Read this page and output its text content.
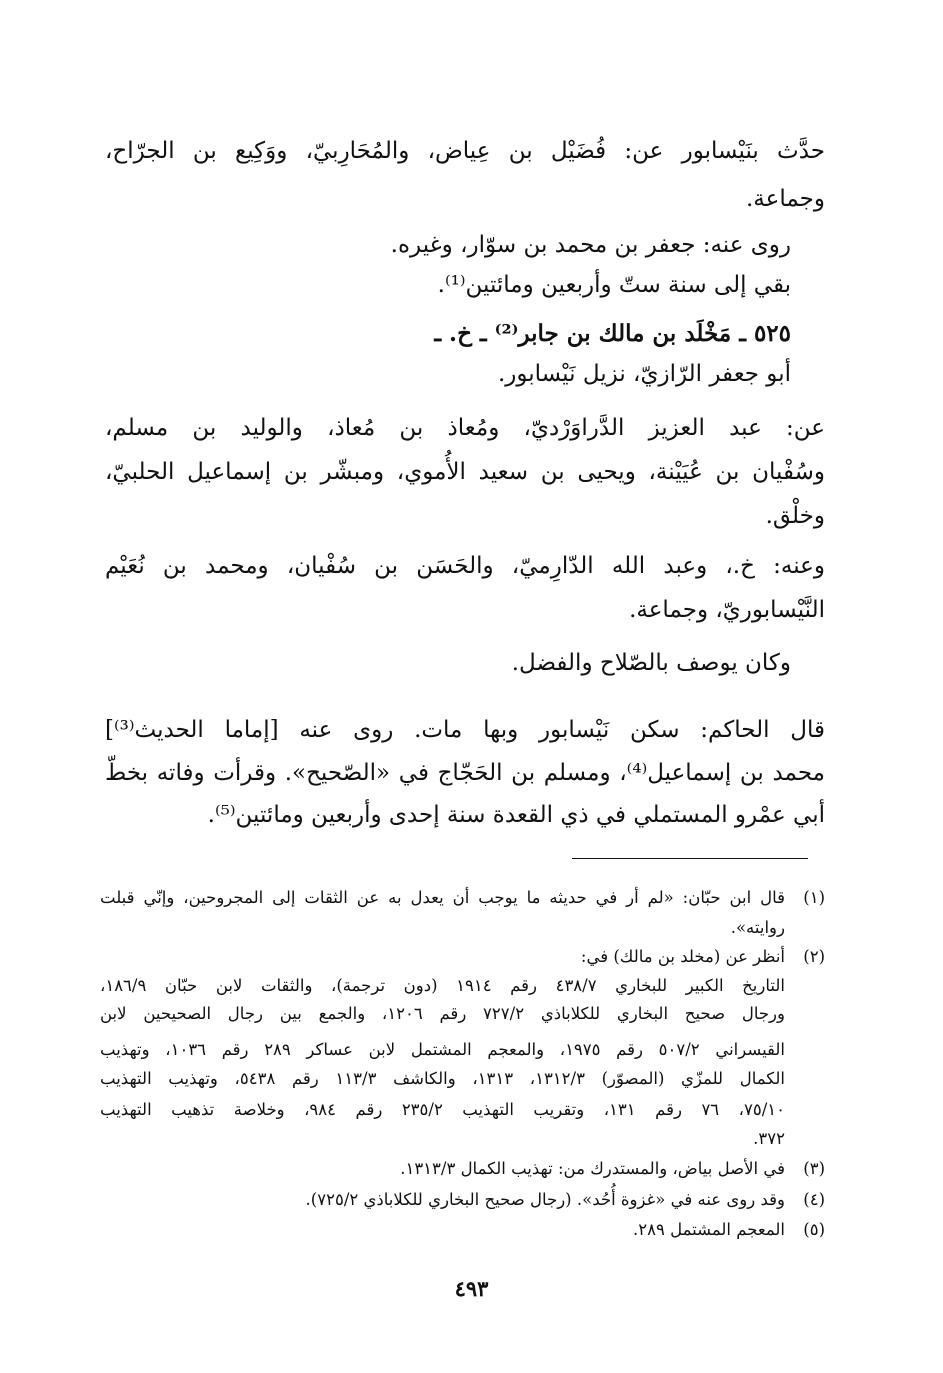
حدَّث بنَيْسابور عن: فُضَيْل بن عِياض، والمُحَارِبيّ، ووَكِيع بن الجرّاح،
وجماعة.
روى عنه: جعفر بن محمد بن سوّار، وغيره.
بقي إلى سنة ستّ وأربعين ومائتين⁽¹⁾.
٥٢٥ ـ مَخْلَد بن مالك بن جابر⁽²⁾ ـ خ. ـ
أبو جعفر الرّازيّ، نزيل نَيْسابور.
عن: عبد العزيز الدَّراوَرْديّ، ومُعاذ بن مُعاذ، والوليد بن مسلم،
وسُفْيان بن عُيَيْنة، ويحيى بن سعيد الأُموي، ومبشّر بن إسماعيل الحلبيّ،
وخلْق.
وعنه: خ.، وعبد الله الدّارِميّ، والحَسَن بن سُفْيان، ومحمد بن نُعَيْم
النَّيْسابوريّ، وجماعة.
وكان يوصف بالصّلاح والفضل.
قال الحاكم: سكن نَيْسابور وبها مات. روى عنه [إماما الحديث⁽³⁾]
محمد بن إسماعيل⁽⁴⁾، ومسلم بن الحَجّاج في «الصّحيح». وقرأت وفاته بخطّ
أبي عمْرو المستملي في ذي القعدة سنة إحدى وأربعين ومائتين⁽⁵⁾.
(١)
قال ابن حبّان: «لم أر في حديثه ما يوجب أن يعدل به عن الثقات إلى المجروحين، وإنّي قبلت
روايته».
(٢)
أنظر عن (مخلد بن مالك) في:
التاريخ الكبير للبخاري ٤٣٨/٧ رقم ١٩١٤ (دون ترجمة)، والثقات لابن حبّان ١٨٦/٩،
ورجال صحيح البخاري للكلاباذي ٧٢٧/٢ رقم ١٢٠٦، والجمع بين رجال الصحيحين لابن
القيسراني ٥٠٧/٢ رقم ١٩٧٥، والمعجم المشتمل لابن عساكر ٢٨٩ رقم ١٠٣٦، وتهذيب
الكمال للمزّي (المصوّر) ١٣١٢/٣، ١٣١٣، والكاشف ١١٣/٣ رقم ٥٤٣٨، وتهذيب التهذيب
٧٥/١٠، ٧٦ رقم ١٣١، وتقريب التهذيب ٢٣٥/٢ رقم ٩٨٤، وخلاصة تذهيب التهذيب
٣٧٢.
(٣)
في الأصل بياض، والمستدرك من: تهذيب الكمال ١٣١٣/٣.
(٤)
وقد روى عنه في «غزوة أُحُد». (رجال صحيح البخاري للكلاباذي ٧٢٥/٢).
(٥)
المعجم المشتمل ٢٨٩.
٤٩٣
